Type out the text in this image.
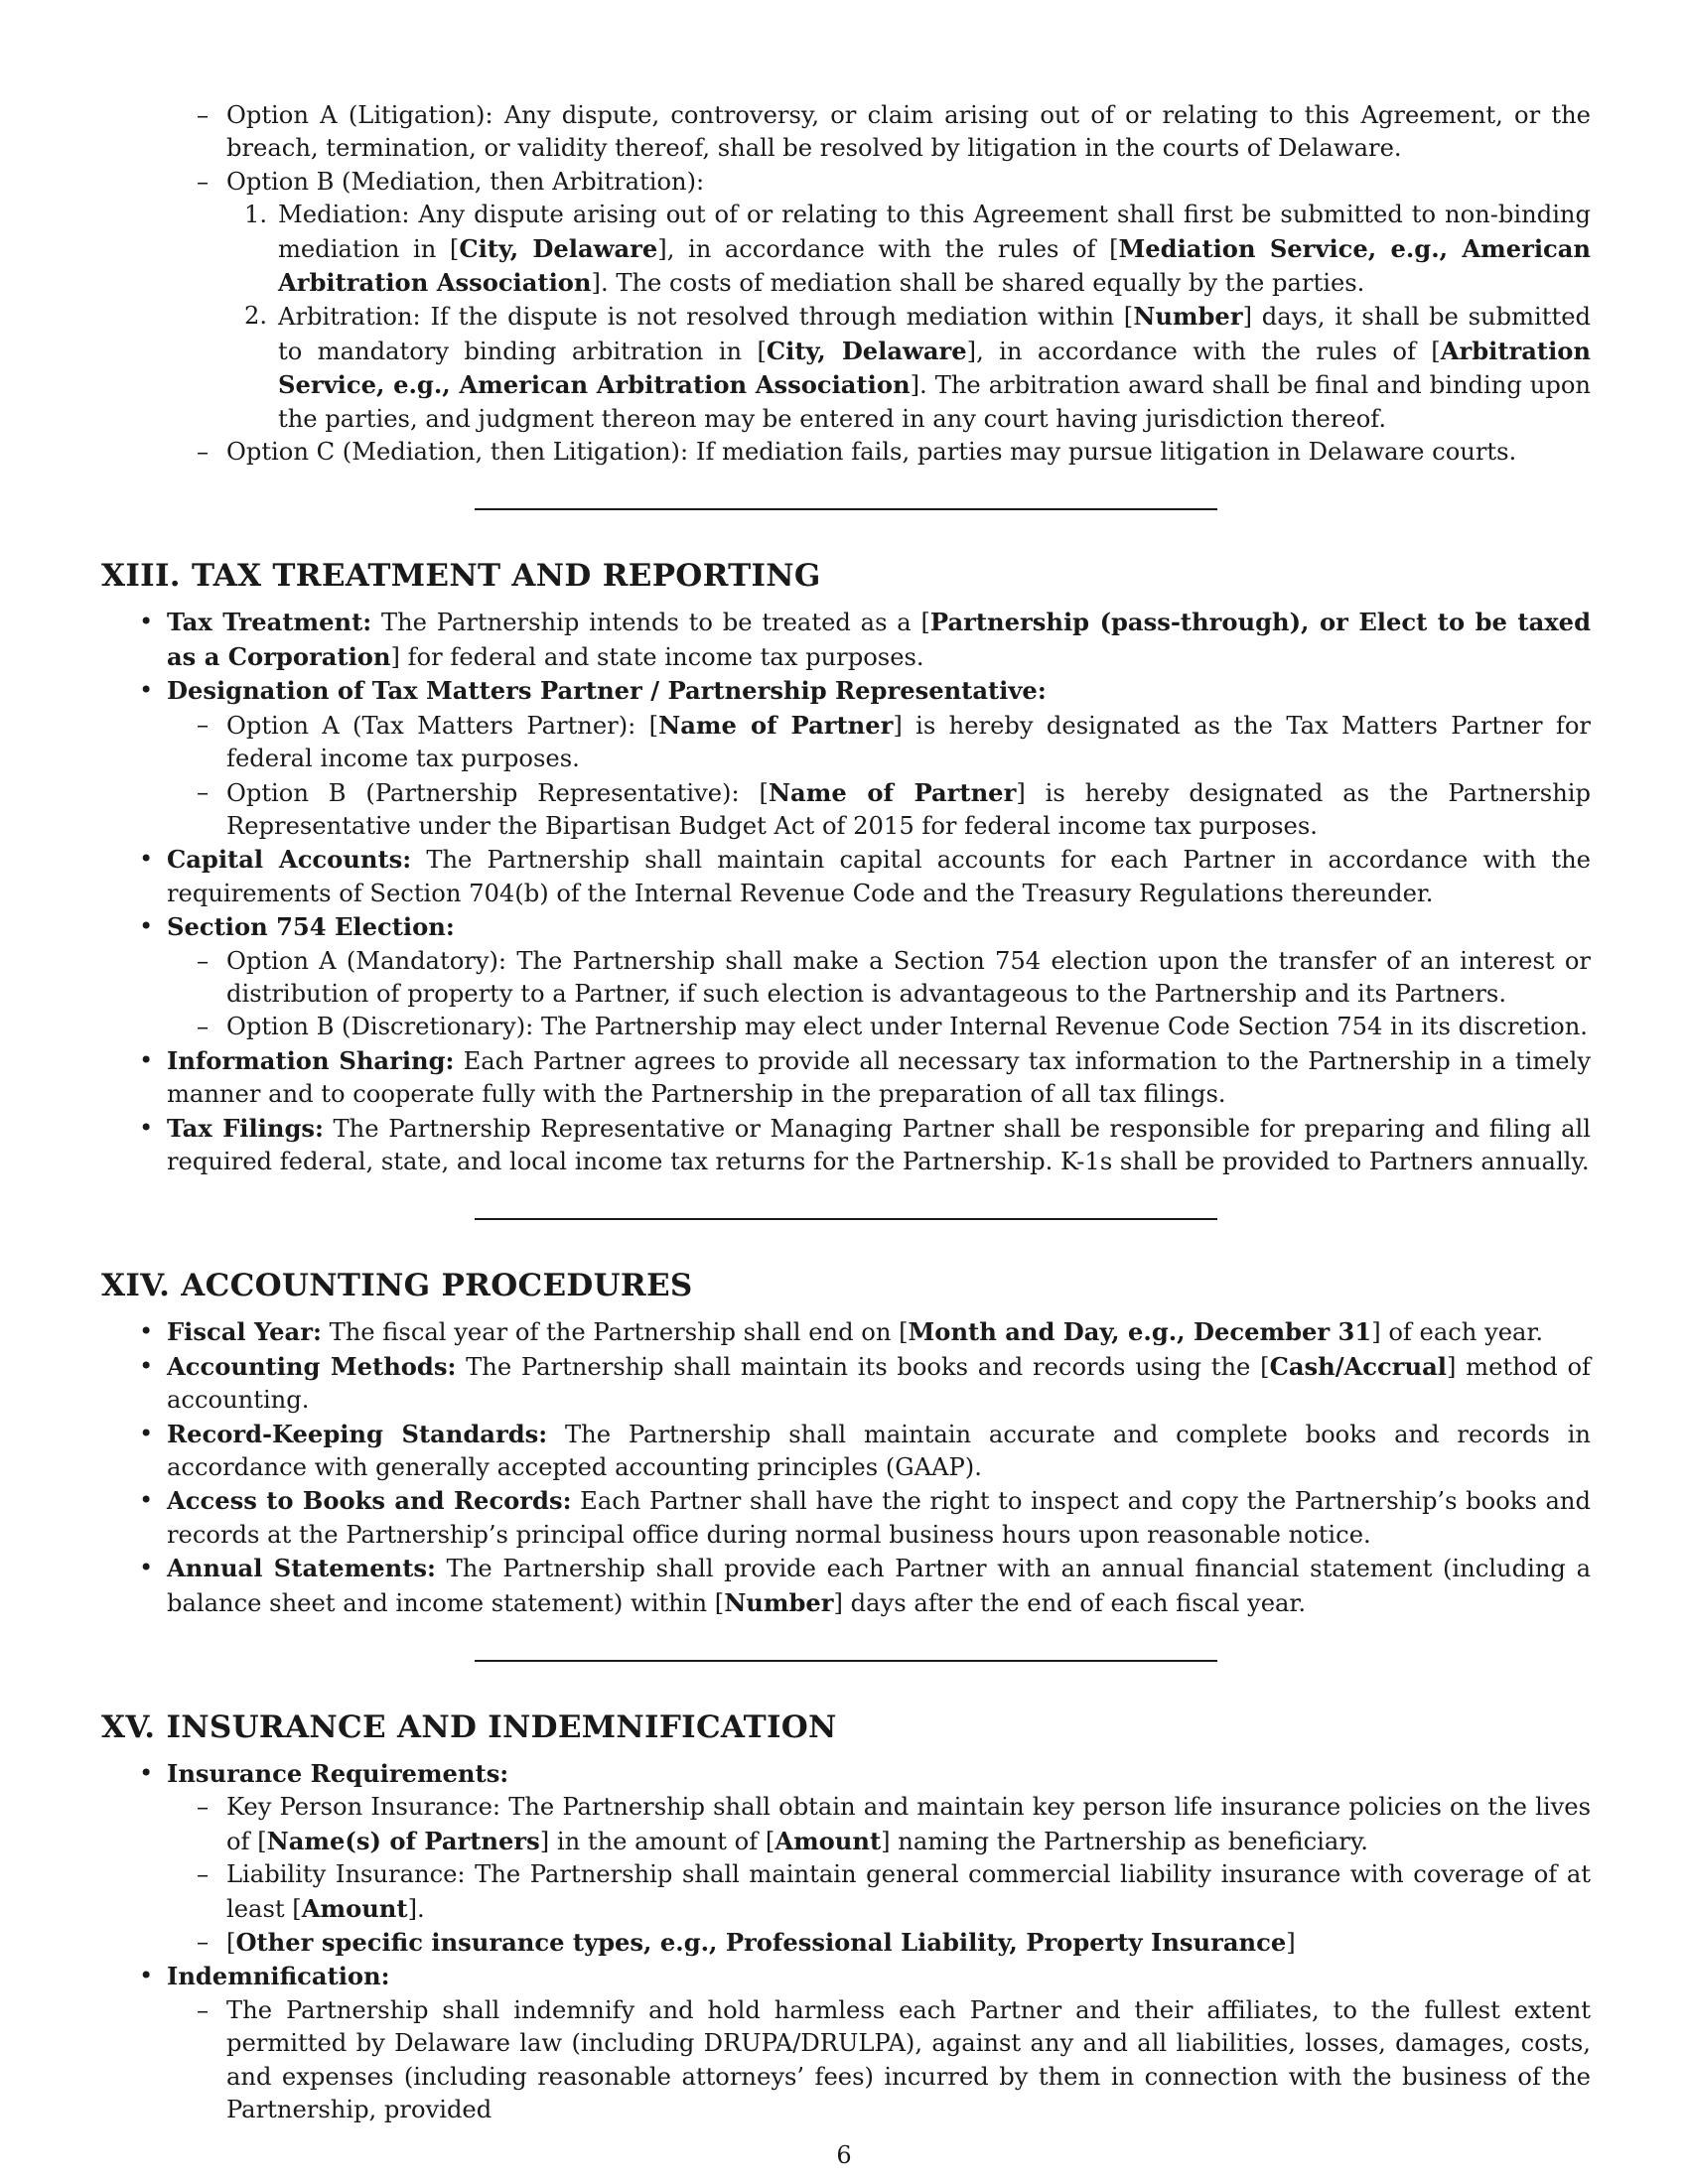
– Option A (Litigation): Any dispute, controversy, or claim arising out of or relating to this Agreement, or the breach, termination, or validity thereof, shall be resolved by litigation in the courts of Delaware.
– Option B (Mediation, then Arbitration):
1. Mediation: Any dispute arising out of or relating to this Agreement shall first be submitted to non-binding mediation in [City, Delaware], in accordance with the rules of [Mediation Service, e.g., American Arbitration Association]. The costs of mediation shall be shared equally by the parties.
2. Arbitration: If the dispute is not resolved through mediation within [Number] days, it shall be submitted to mandatory binding arbitration in [City, Delaware], in accordance with the rules of [Arbitration Service, e.g., American Arbitration Association]. The arbitration award shall be final and binding upon the parties, and judgment thereon may be entered in any court having jurisdiction thereof.
– Option C (Mediation, then Litigation): If mediation fails, parties may pursue litigation in Delaware courts.
XIII. TAX TREATMENT AND REPORTING
• Tax Treatment: The Partnership intends to be treated as a [Partnership (pass-through), or Elect to be taxed as a Corporation] for federal and state income tax purposes.
• Designation of Tax Matters Partner / Partnership Representative:
– Option A (Tax Matters Partner): [Name of Partner] is hereby designated as the Tax Matters Partner for federal income tax purposes.
– Option B (Partnership Representative): [Name of Partner] is hereby designated as the Partnership Representative under the Bipartisan Budget Act of 2015 for federal income tax purposes.
• Capital Accounts: The Partnership shall maintain capital accounts for each Partner in accordance with the requirements of Section 704(b) of the Internal Revenue Code and the Treasury Regulations thereunder.
• Section 754 Election:
– Option A (Mandatory): The Partnership shall make a Section 754 election upon the transfer of an interest or distribution of property to a Partner, if such election is advantageous to the Partnership and its Partners.
– Option B (Discretionary): The Partnership may elect under Internal Revenue Code Section 754 in its discretion.
• Information Sharing: Each Partner agrees to provide all necessary tax information to the Partnership in a timely manner and to cooperate fully with the Partnership in the preparation of all tax filings.
• Tax Filings: The Partnership Representative or Managing Partner shall be responsible for preparing and filing all required federal, state, and local income tax returns for the Partnership. K-1s shall be provided to Partners annually.
XIV. ACCOUNTING PROCEDURES
• Fiscal Year: The fiscal year of the Partnership shall end on [Month and Day, e.g., December 31] of each year.
• Accounting Methods: The Partnership shall maintain its books and records using the [Cash/Accrual] method of accounting.
• Record-Keeping Standards: The Partnership shall maintain accurate and complete books and records in accordance with generally accepted accounting principles (GAAP).
• Access to Books and Records: Each Partner shall have the right to inspect and copy the Partnership’s books and records at the Partnership’s principal office during normal business hours upon reasonable notice.
• Annual Statements: The Partnership shall provide each Partner with an annual financial statement (including a balance sheet and income statement) within [Number] days after the end of each fiscal year.
XV. INSURANCE AND INDEMNIFICATION
• Insurance Requirements:
– Key Person Insurance: The Partnership shall obtain and maintain key person life insurance policies on the lives of [Name(s) of Partners] in the amount of [Amount] naming the Partnership as beneficiary.
– Liability Insurance: The Partnership shall maintain general commercial liability insurance with coverage of at least [Amount].
– [Other specific insurance types, e.g., Professional Liability, Property Insurance]
• Indemnification:
– The Partnership shall indemnify and hold harmless each Partner and their affiliates, to the fullest extent permitted by Delaware law (including DRUPA/DRULPA), against any and all liabilities, losses, damages, costs, and expenses (including reasonable attorneys’ fees) incurred by them in connection with the business of the Partnership, provided
6
